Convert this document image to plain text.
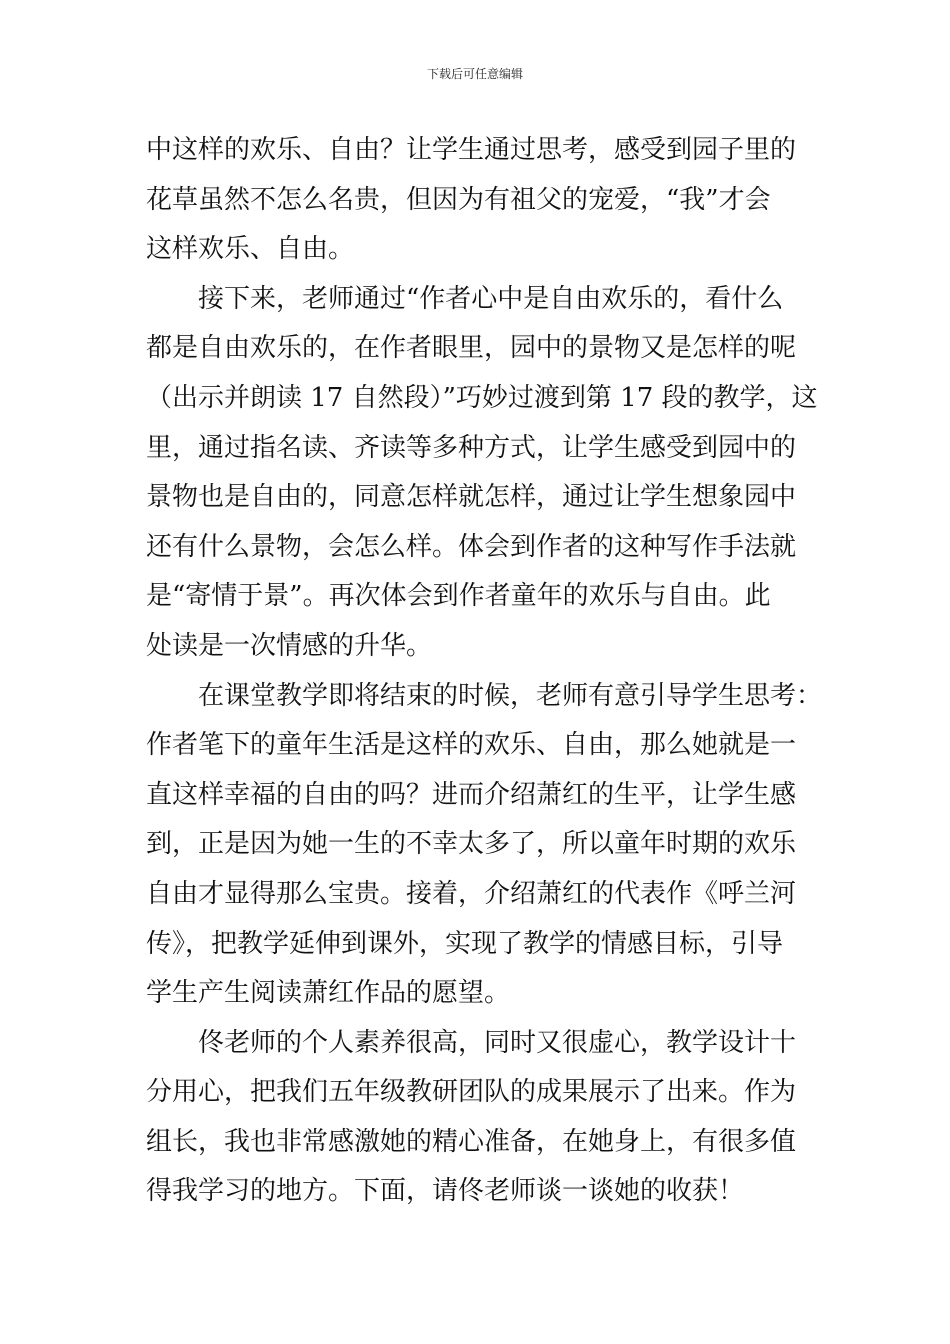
下载后可任意编辑
中这样的欢乐、自由？让学生通过思考，感受到园子里的
花草虽然不怎么名贵，但因为有祖父的宠爱，“我”才会
这样欢乐、自由。
接下来，老师通过“作者心中是自由欢乐的，看什么
都是自由欢乐的，在作者眼里，园中的景物又是怎样的呢
（出示并朗读 17 自然段）”巧妙过渡到第 17 段的教学，这
里，通过指名读、齐读等多种方式，让学生感受到园中的
景物也是自由的，同意怎样就怎样，通过让学生想象园中
还有什么景物，会怎么样。体会到作者的这种写作手法就
是“寄情于景”。再次体会到作者童年的欢乐与自由。此
处读是一次情感的升华。
在课堂教学即将结束的时候，老师有意引导学生思考：
作者笔下的童年生活是这样的欢乐、自由，那么她就是一
直这样幸福的自由的吗？进而介绍萧红的生平，让学生感
到，正是因为她一生的不幸太多了，所以童年时期的欢乐
自由才显得那么宝贵。接着，介绍萧红的代表作《呼兰河
传》，把教学延伸到课外，实现了教学的情感目标，引导
学生产生阅读萧红作品的愿望。
佟老师的个人素养很高，同时又很虚心，教学设计十
分用心，把我们五年级教研团队的成果展示了出来。作为
组长，我也非常感激她的精心准备，在她身上，有很多值
得我学习的地方。下面，请佟老师谈一谈她的收获！
